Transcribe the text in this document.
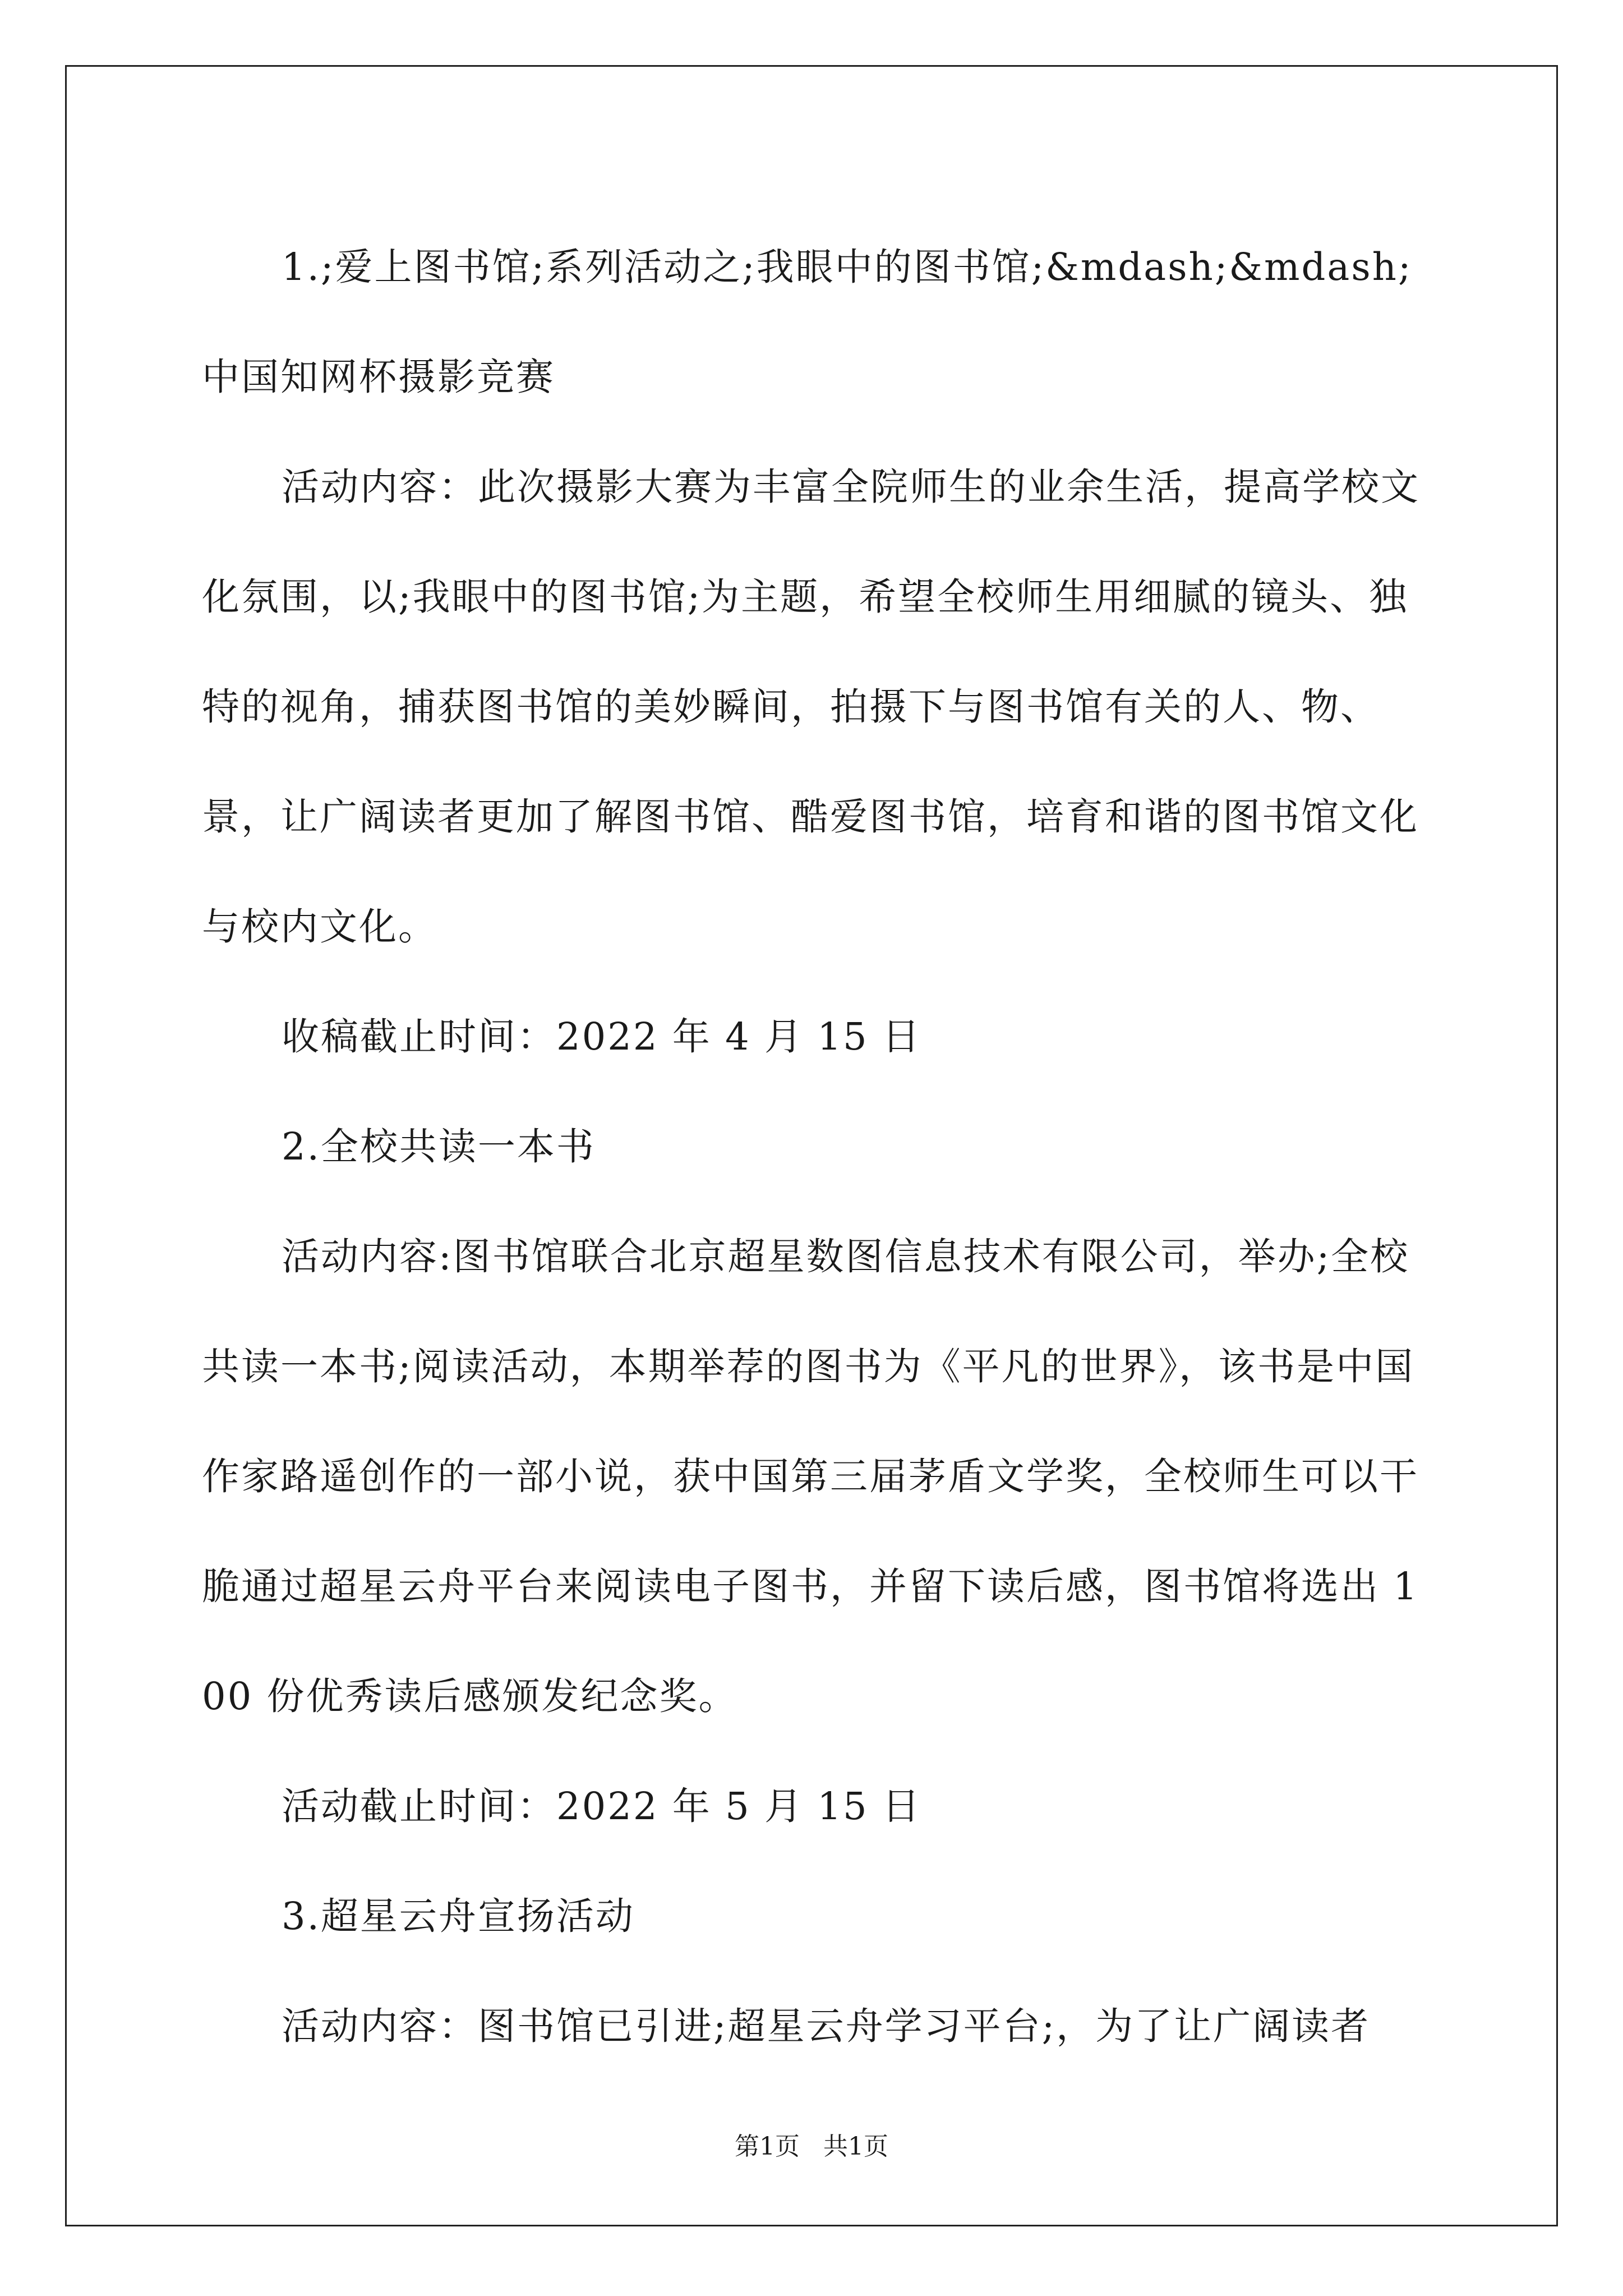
1.;爱上图书馆;系列活动之;我眼中的图书馆;&mdash;&mdash;中国知网杯摄影竞赛

活动内容：此次摄影大赛为丰富全院师生的业余生活，提高学校文化氛围，以;我眼中的图书馆;为主题，希望全校师生用细腻的镜头、独特的视角，捕获图书馆的美妙瞬间，拍摄下与图书馆有关的人、物、景，让广阔读者更加了解图书馆、酷爱图书馆，培育和谐的图书馆文化与校内文化。

收稿截止时间：2022 年 4 月 15 日

2.全校共读一本书

活动内容:图书馆联合北京超星数图信息技术有限公司，举办;全校共读一本书;阅读活动，本期举荐的图书为《平凡的世界》，该书是中国作家路遥创作的一部小说，获中国第三届茅盾文学奖，全校师生可以干脆通过超星云舟平台来阅读电子图书，并留下读后感，图书馆将选出 100 份优秀读后感颁发纪念奖。

活动截止时间：2022 年 5 月 15 日

3.超星云舟宣扬活动

活动内容：图书馆已引进;超星云舟学习平台;，为了让广阔读者

第1页   共1页
